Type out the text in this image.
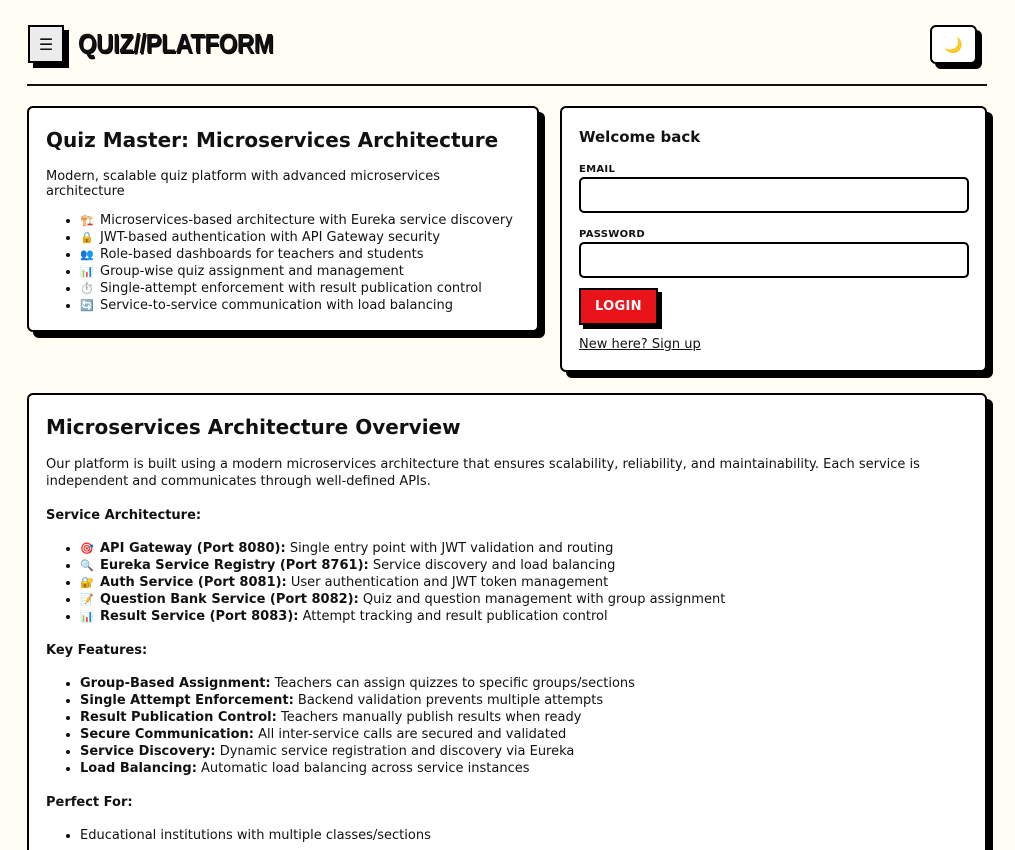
☰ QUIZ//PLATFORM	🌙
Quiz Master: Microservices Architecture

Modern, scalable quiz platform with advanced microservices architecture

• 🏗️ Microservices-based architecture with Eureka service discovery
• 🔒 JWT-based authentication with API Gateway security
• 👥 Role-based dashboards for teachers and students
• 📊 Group-wise quiz assignment and management
• ⏱️ Single-attempt enforcement with result publication control
• 🔄 Service-to-service communication with load balancing
Welcome back
EMAIL
PASSWORD
LOGIN
New here? Sign up
Microservices Architecture Overview

Our platform is built using a modern microservices architecture that ensures scalability, reliability, and maintainability. Each service is independent and communicates through well-defined APIs.

Service Architecture:
• 🎯 API Gateway (Port 8080): Single entry point with JWT validation and routing
• 🔍 Eureka Service Registry (Port 8761): Service discovery and load balancing
• 🔐 Auth Service (Port 8081): User authentication and JWT token management
• 📝 Question Bank Service (Port 8082): Quiz and question management with group assignment
• 📊 Result Service (Port 8083): Attempt tracking and result publication control
Key Features:
• Group-Based Assignment: Teachers can assign quizzes to specific groups/sections
• Single Attempt Enforcement: Backend validation prevents multiple attempts
• Result Publication Control: Teachers manually publish results when ready
• Secure Communication: All inter-service calls are secured and validated
• Service Discovery: Dynamic service registration and discovery via Eureka
• Load Balancing: Automatic load balancing across service instances
Perfect For:
• Educational institutions with multiple classes/sections
